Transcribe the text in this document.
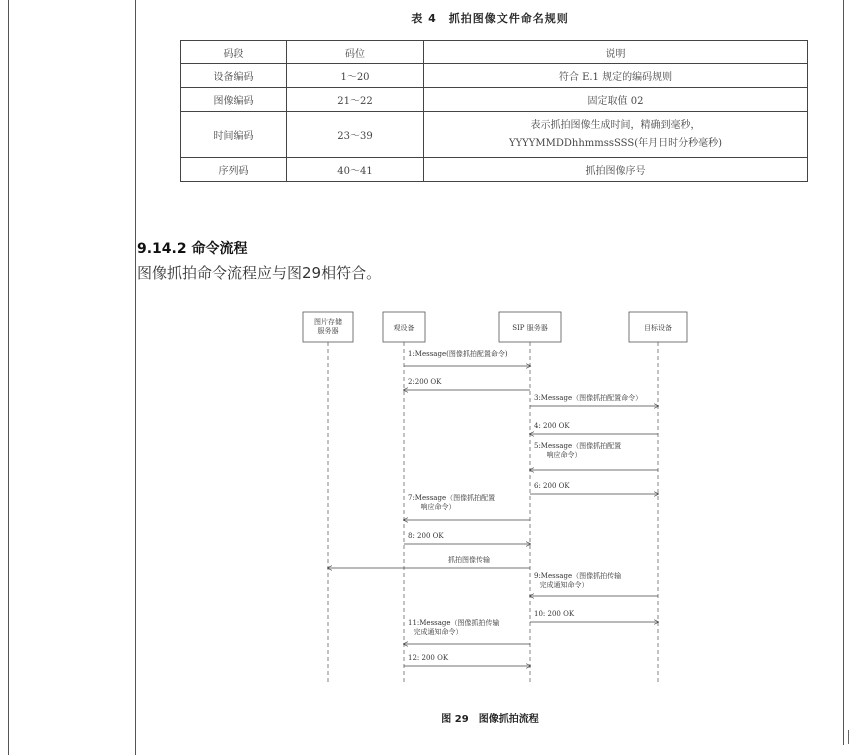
表 4　抓拍图像文件命名规则
码段	码位	说明
设备编码	1～20	符合 E.1 规定的编码规则
图像编码	21～22	固定取值 02
时间编码	23～39	表示抓拍图像生成时间，精确到毫秒，
YYYYMMDDhhmmssSSS(年月日时分秒毫秒)

序列码	40～41	抓拍图像序号
9.14.2 命令流程
图像抓拍命令流程应与图29相符合。
图片存储
服务器	观设备	SIP 服务器	目标设备
1:Message(图像抓拍配置命令)
2:200 OK
3:Message（图像抓拍配置命令）
4: 200 OK
5:Message（图像抓拍配置
响应命令）
6: 200 OK
7:Message（图像抓拍配置
响应命令）
8: 200 OK
抓拍图像传输
9:Message（图像抓拍传输
完成通知命令）
10: 200 OK
11:Message（图像抓拍传输
完成通知命令）
12: 200 OK
图 29　图像抓拍流程
